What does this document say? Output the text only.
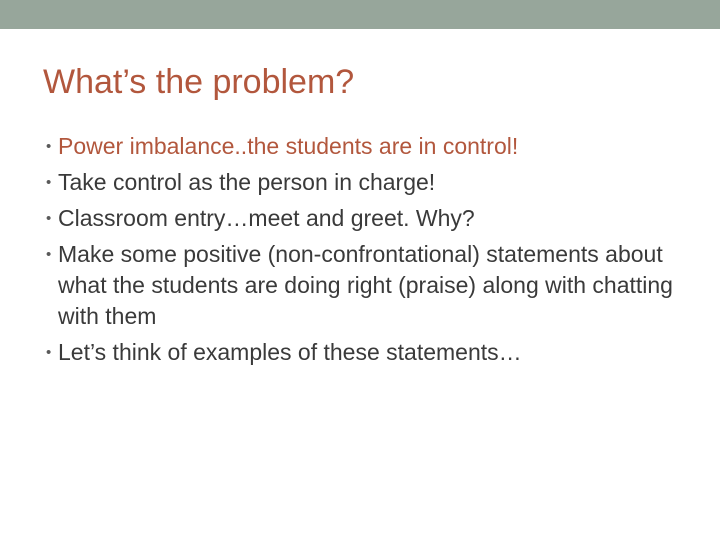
What’s the problem?
• Power imbalance..the students are in control!
• Take control as the person in charge!
• Classroom entry…meet and greet. Why?
• Make some positive (non-confrontational) statements about what the students are doing right (praise) along with chatting with them
• Let’s think of examples of these statements…
